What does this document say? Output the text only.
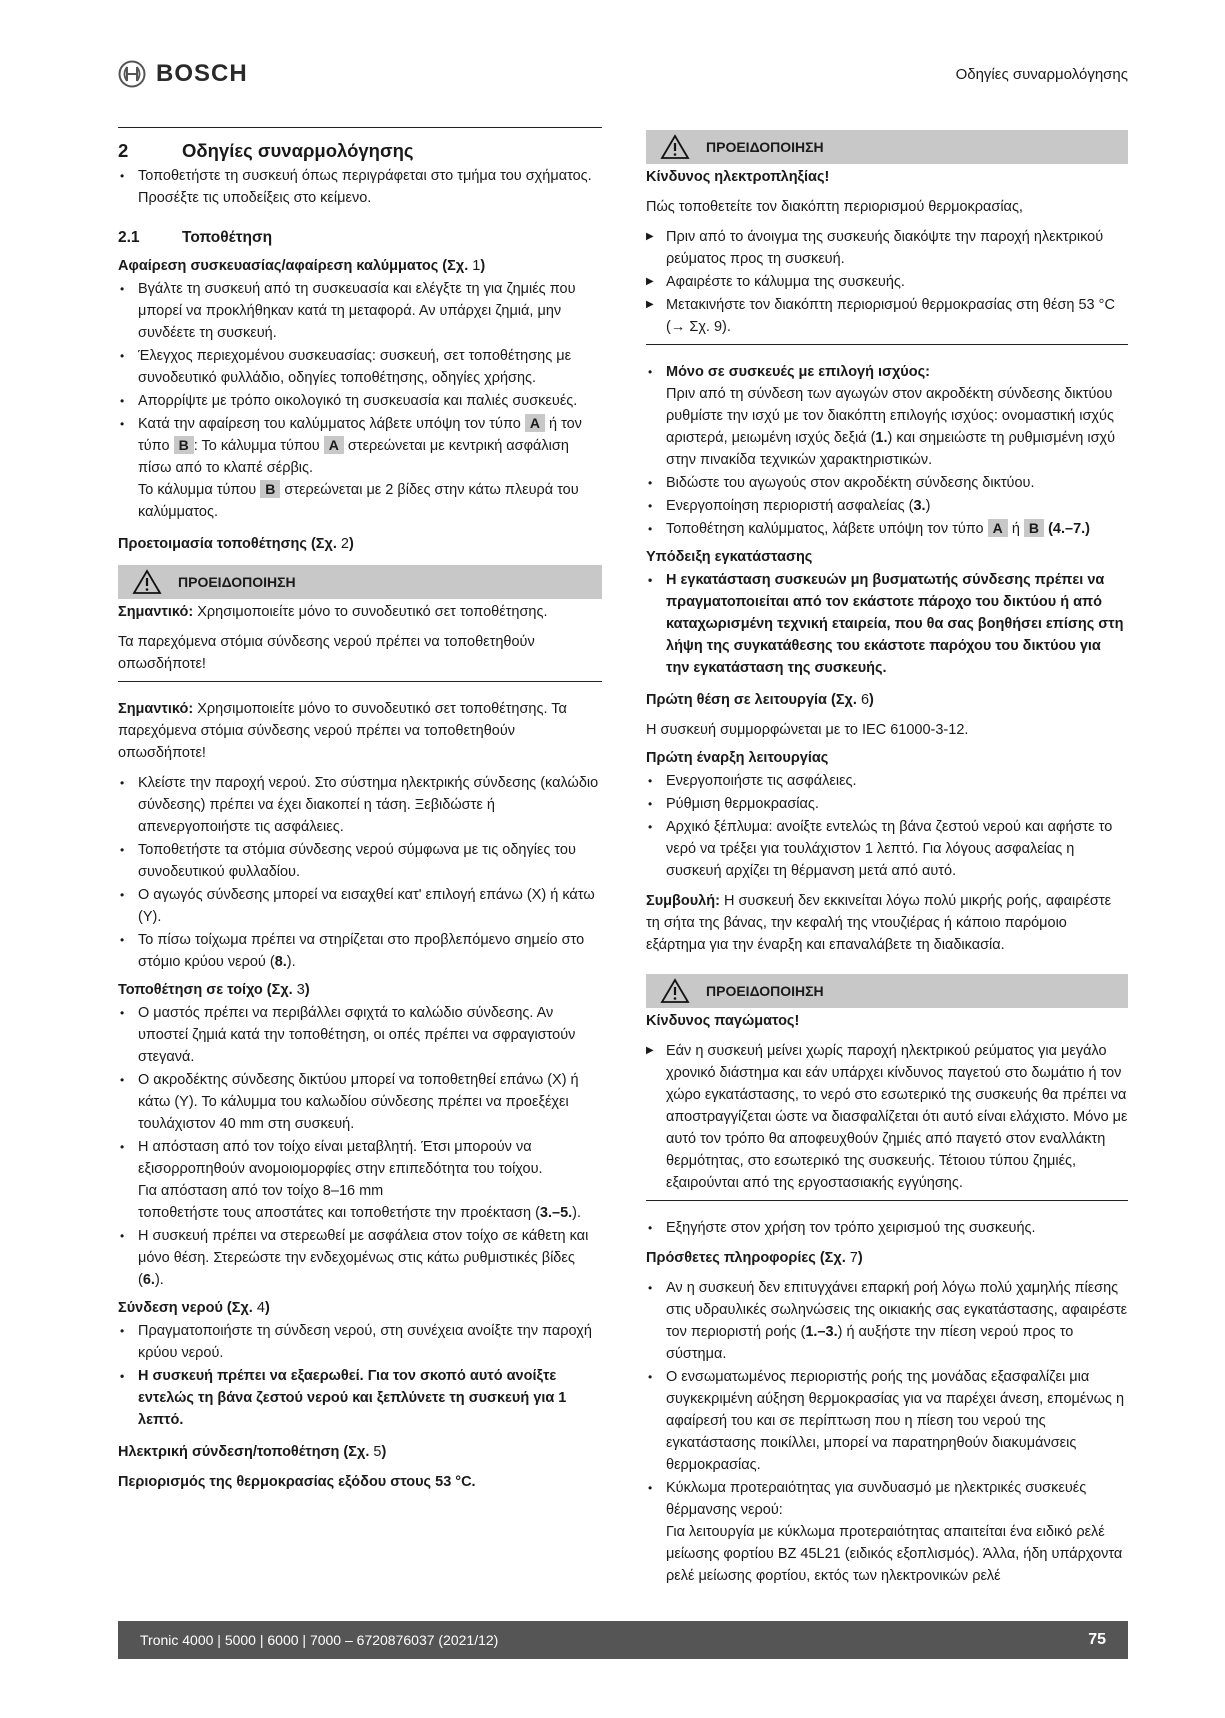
BOSCH	Οδηγίες συναρμολόγησης
2	Οδηγίες συναρμολόγησης
• Τοποθετήστε τη συσκευή όπως περιγράφεται στο τμήμα του σχήματος. Προσέξτε τις υποδείξεις στο κείμενο.
2.1	Τοποθέτηση
Αφαίρεση συσκευασίας/αφαίρεση καλύμματος (Σχ. 1)
• Βγάλτε τη συσκευή από τη συσκευασία και ελέγξτε τη για ζημιές που μπορεί να προκλήθηκαν κατά τη μεταφορά. Αν υπάρχει ζημιά, μην συνδέετε τη συσκευή.
• Έλεγχος περιεχομένου συσκευασίας: συσκευή, σετ τοποθέτησης με συνοδευτικό φυλλάδιο, οδηγίες τοποθέτησης, οδηγίες χρήσης.
• Απορρίψτε με τρόπο οικολογικό τη συσκευασία και παλιές συσκευές.
• Κατά την αφαίρεση του καλύμματος λάβετε υπόψη τον τύπο A ή τον τύπο B : Το κάλυμμα τύπου A στερεώνεται με κεντρική ασφάλιση πίσω από το κλαπέ σέρβις.
Το κάλυμμα τύπου B στερεώνεται με 2 βίδες στην κάτω πλευρά του καλύμματος.
Προετοιμασία τοποθέτησης (Σχ. 2)
ΠΡΟΕΙΔΟΠΟΙΗΣΗ

Σημαντικό: Χρησιμοποιείτε μόνο το συνοδευτικό σετ τοποθέτησης.

Τα παρεχόμενα στόμια σύνδεσης νερού πρέπει να τοποθετηθούν οπωσδήποτε!

Σημαντικό: Χρησιμοποιείτε μόνο το συνοδευτικό σετ τοποθέτησης. Τα παρεχόμενα στόμια σύνδεσης νερού πρέπει να τοποθετηθούν οπωσδήποτε!

• Κλείστε την παροχή νερού. Στο σύστημα ηλεκτρικής σύνδεσης (καλώδιο σύνδεσης) πρέπει να έχει διακοπεί η τάση. Ξεβιδώστε ή απενεργοποιήστε τις ασφάλειες.
• Τοποθετήστε τα στόμια σύνδεσης νερού σύμφωνα με τις οδηγίες του συνοδευτικού φυλλαδίου.
• Ο αγωγός σύνδεσης μπορεί να εισαχθεί κατ' επιλογή επάνω (X) ή κάτω (Y).
• Το πίσω τοίχωμα πρέπει να στηρίζεται στο προβλεπόμενο σημείο στο στόμιο κρύου νερού (8.).
Τοποθέτηση σε τοίχο (Σχ. 3)
• Ο μαστός πρέπει να περιβάλλει σφιχτά το καλώδιο σύνδεσης. Αν υποστεί ζημιά κατά την τοποθέτηση, οι οπές πρέπει να σφραγιστούν στεγανά.
• Ο ακροδέκτης σύνδεσης δικτύου μπορεί να τοποθετηθεί επάνω (X) ή κάτω (Y). Το κάλυμμα του καλωδίου σύνδεσης πρέπει να προεξέχει τουλάχιστον 40 mm στη συσκευή.
• Η απόσταση από τον τοίχο είναι μεταβλητή. Έτσι μπορούν να εξισορροπηθούν ανομοιομορφίες στην επιπεδότητα του τοίχου.
Για απόσταση από τον τοίχο 8–16 mm
τοποθετήστε τους αποστάτες και τοποθετήστε την προέκταση (3.–5.).
• Η συσκευή πρέπει να στερεωθεί με ασφάλεια στον τοίχο σε κάθετη και μόνο θέση. Στερεώστε την ενδεχομένως στις κάτω ρυθμιστικές βίδες (6.).
Σύνδεση νερού (Σχ. 4)
• Πραγματοποιήστε τη σύνδεση νερού, στη συνέχεια ανοίξτε την παροχή κρύου νερού.
• Η συσκευή πρέπει να εξαερωθεί. Για τον σκοπό αυτό ανοίξτε εντελώς τη βάνα ζεστού νερού και ξεπλύνετε τη συσκευή για 1 λεπτό.
Ηλεκτρική σύνδεση/τοποθέτηση (Σχ. 5)
Περιορισμός της θερμοκρασίας εξόδου στους 53 °C.
ΠΡΟΕΙΔΟΠΟΙΗΣΗ

Κίνδυνος ηλεκτροπληξίας!

Πώς τοποθετείτε τον διακόπτη περιορισμού θερμοκρασίας,

▶ Πριν από το άνοιγμα της συσκευής διακόψτε την παροχή ηλεκτρικού ρεύματος προς τη συσκευή.
▶ Αφαιρέστε το κάλυμμα της συσκευής.
▶ Μετακινήστε τον διακόπτη περιορισμού θερμοκρασίας στη θέση 53 °C (→ Σχ. 9).
• Μόνο σε συσκευές με επιλογή ισχύος:
Πριν από τη σύνδεση των αγωγών στον ακροδέκτη σύνδεσης δικτύου ρυθμίστε την ισχύ με τον διακόπτη επιλογής ισχύος: ονομαστική ισχύς αριστερά, μειωμένη ισχύς δεξιά (1.) και σημειώστε τη ρυθμισμένη ισχύ στην πινακίδα τεχνικών χαρακτηριστικών.
• Βιδώστε του αγωγούς στον ακροδέκτη σύνδεσης δικτύου.
• Ενεργοποίηση περιοριστή ασφαλείας (3.)
• Τοποθέτηση καλύμματος, λάβετε υπόψη τον τύπο A ή B (4.–7.)
Υπόδειξη εγκατάστασης
• Η εγκατάσταση συσκευών μη βυσματωτής σύνδεσης πρέπει να πραγματοποιείται από τον εκάστοτε πάροχο του δικτύου ή από καταχωρισμένη τεχνική εταιρεία, που θα σας βοηθήσει επίσης στη λήψη της συγκατάθεσης του εκάστοτε παρόχου του δικτύου για την εγκατάσταση της συσκευής.
Πρώτη θέση σε λειτουργία (Σχ. 6)

Η συσκευή συμμορφώνεται με το IEC 61000-3-12.

Πρώτη έναρξη λειτουργίας
• Ενεργοποιήστε τις ασφάλειες.
• Ρύθμιση θερμοκρασίας.
• Αρχικό ξέπλυμα: ανοίξτε εντελώς τη βάνα ζεστού νερού και αφήστε το νερό να τρέξει για τουλάχιστον 1 λεπτό. Για λόγους ασφαλείας η συσκευή αρχίζει τη θέρμανση μετά από αυτό.

Συμβουλή: Η συσκευή δεν εκκινείται λόγω πολύ μικρής ροής, αφαιρέστε τη σήτα της βάνας, την κεφαλή της ντουζιέρας ή κάποιο παρόμοιο εξάρτημα για την έναρξη και επαναλάβετε τη διαδικασία.

ΠΡΟΕΙΔΟΠΟΙΗΣΗ

Κίνδυνος παγώματος!

▶ Εάν η συσκευή μείνει χωρίς παροχή ηλεκτρικού ρεύματος για μεγάλο χρονικό διάστημα και εάν υπάρχει κίνδυνος παγετού στο δωμάτιο ή τον χώρο εγκατάστασης, το νερό στο εσωτερικό της συσκευής θα πρέπει να αποστραγγίζεται ώστε να διασφαλίζεται ότι αυτό είναι ελάχιστο. Μόνο με αυτό τον τρόπο θα αποφευχθούν ζημιές από παγετό στον εναλλάκτη θερμότητας, στο εσωτερικό της συσκευής. Τέτοιου τύπου ζημιές, εξαιρούνται από της εργοστασιακής εγγύησης.
• Εξηγήστε στον χρήση τον τρόπο χειρισμού της συσκευής.
Πρόσθετες πληροφορίες (Σχ. 7)
• Αν η συσκευή δεν επιτυγχάνει επαρκή ροή λόγω πολύ χαμηλής πίεσης στις υδραυλικές σωληνώσεις της οικιακής σας εγκατάστασης, αφαιρέστε τον περιοριστή ροής (1.–3.) ή αυξήστε την πίεση νερού προς το σύστημα.
• Ο ενσωματωμένος περιοριστής ροής της μονάδας εξασφαλίζει μια συγκεκριμένη αύξηση θερμοκρασίας για να παρέχει άνεση, επομένως η αφαίρεσή του και σε περίπτωση που η πίεση του νερού της εγκατάστασης ποικίλλει, μπορεί να παρατηρηθούν διακυμάνσεις θερμοκρασίας.
• Κύκλωμα προτεραιότητας για συνδυασμό με ηλεκτρικές συσκευές θέρμανσης νερού:
Για λειτουργία με κύκλωμα προτεραιότητας απαιτείται ένα ειδικό ρελέ μείωσης φορτίου BZ 45L21 (ειδικός εξοπλισμός). Άλλα, ήδη υπάρχοντα ρελέ μείωσης φορτίου, εκτός των ηλεκτρονικών ρελέ
Tronic 4000 | 5000 | 6000 | 7000 – 6720876037 (2021/12)	75
